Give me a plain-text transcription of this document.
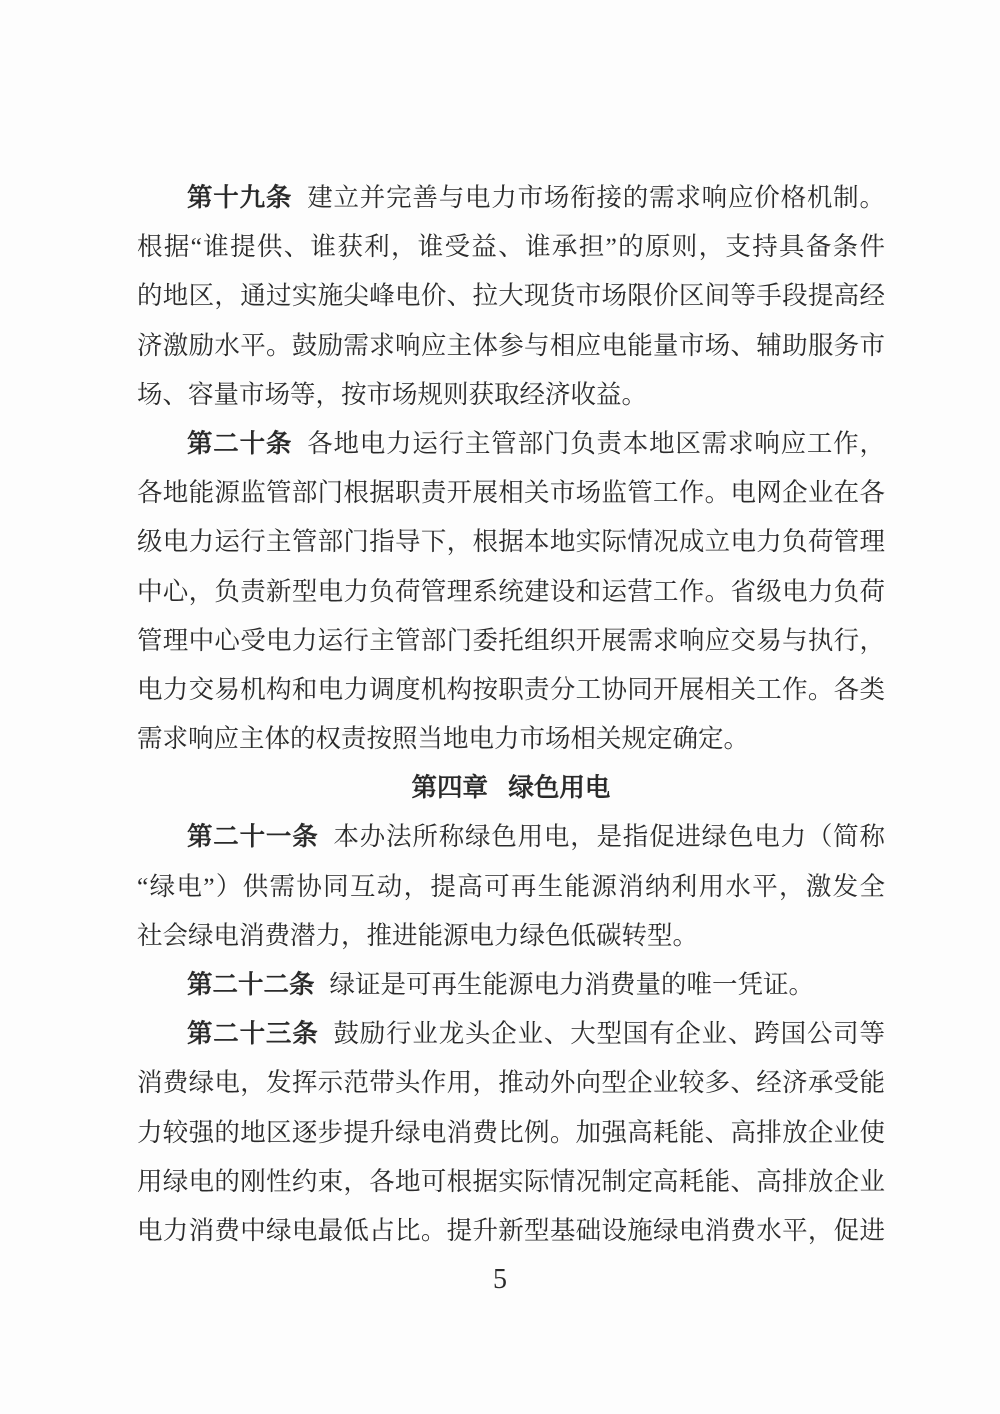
第十九条 建立并完善与电力市场衔接的需求响应价格机制。
根据“谁提供、谁获利，谁受益、谁承担”的原则，支持具备条件
的地区，通过实施尖峰电价、拉大现货市场限价区间等手段提高经
济激励水平。鼓励需求响应主体参与相应电能量市场、辅助服务市
场、容量市场等，按市场规则获取经济收益。
第二十条 各地电力运行主管部门负责本地区需求响应工作，
各地能源监管部门根据职责开展相关市场监管工作。电网企业在各
级电力运行主管部门指导下，根据本地实际情况成立电力负荷管理
中心，负责新型电力负荷管理系统建设和运营工作。省级电力负荷
管理中心受电力运行主管部门委托组织开展需求响应交易与执行，
电力交易机构和电力调度机构按职责分工协同开展相关工作。各类
需求响应主体的权责按照当地电力市场相关规定确定。
第四章 绿色用电
第二十一条 本办法所称绿色用电，是指促进绿色电力（简称
“绿电”）供需协同互动，提高可再生能源消纳利用水平，激发全
社会绿电消费潜力，推进能源电力绿色低碳转型。
第二十二条 绿证是可再生能源电力消费量的唯一凭证。
第二十三条 鼓励行业龙头企业、大型国有企业、跨国公司等
消费绿电，发挥示范带头作用，推动外向型企业较多、经济承受能
力较强的地区逐步提升绿电消费比例。加强高耗能、高排放企业使
用绿电的刚性约束，各地可根据实际情况制定高耗能、高排放企业
电力消费中绿电最低占比。提升新型基础设施绿电消费水平，促进
5
